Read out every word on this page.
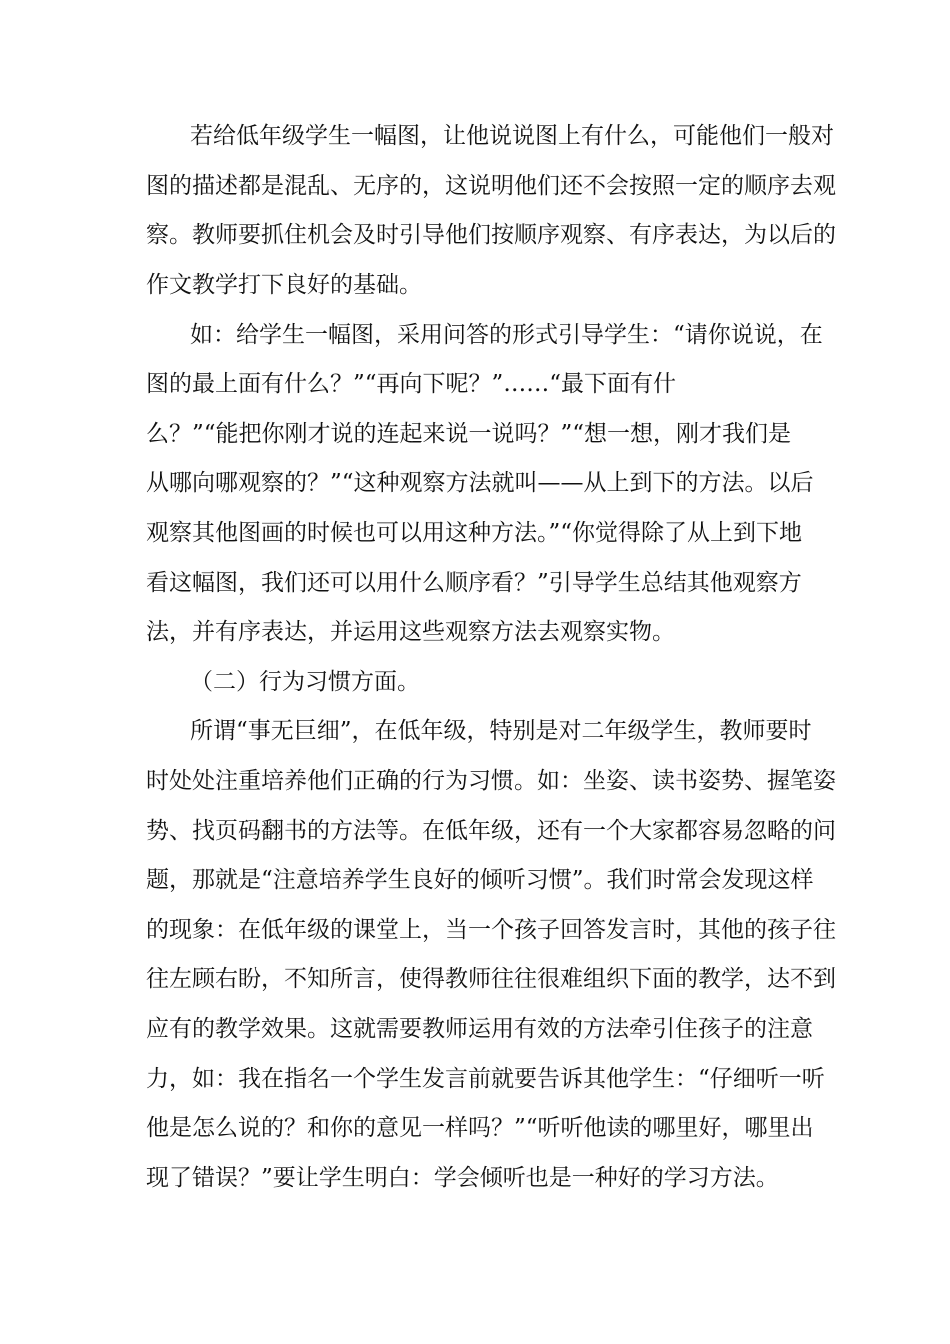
若给低年级学生一幅图，让他说说图上有什么，可能他们一般对
图的描述都是混乱、无序的，这说明他们还不会按照一定的顺序去观
察。教师要抓住机会及时引导他们按顺序观察、有序表达，为以后的
作文教学打下良好的基础。
如：给学生一幅图，采用问答的形式引导学生：“请你说说，在
图的最上面有什么？”“再向下呢？”……“最下面有什
么？”“能把你刚才说的连起来说一说吗？”“想一想，刚才我们是
从哪向哪观察的？”“这种观察方法就叫——从上到下的方法。以后
观察其他图画的时候也可以用这种方法。”“你觉得除了从上到下地
看这幅图，我们还可以用什么顺序看？”引导学生总结其他观察方
法，并有序表达，并运用这些观察方法去观察实物。
（二）行为习惯方面。
所谓“事无巨细”，在低年级，特别是对二年级学生，教师要时
时处处注重培养他们正确的行为习惯。如：坐姿、读书姿势、握笔姿
势、找页码翻书的方法等。在低年级，还有一个大家都容易忽略的问
题，那就是“注意培养学生良好的倾听习惯”。我们时常会发现这样
的现象：在低年级的课堂上，当一个孩子回答发言时，其他的孩子往
往左顾右盼，不知所言，使得教师往往很难组织下面的教学，达不到
应有的教学效果。这就需要教师运用有效的方法牵引住孩子的注意
力，如：我在指名一个学生发言前就要告诉其他学生：“仔细听一听
他是怎么说的？和你的意见一样吗？”“听听他读的哪里好，哪里出
现了错误？”要让学生明白：学会倾听也是一种好的学习方法。
